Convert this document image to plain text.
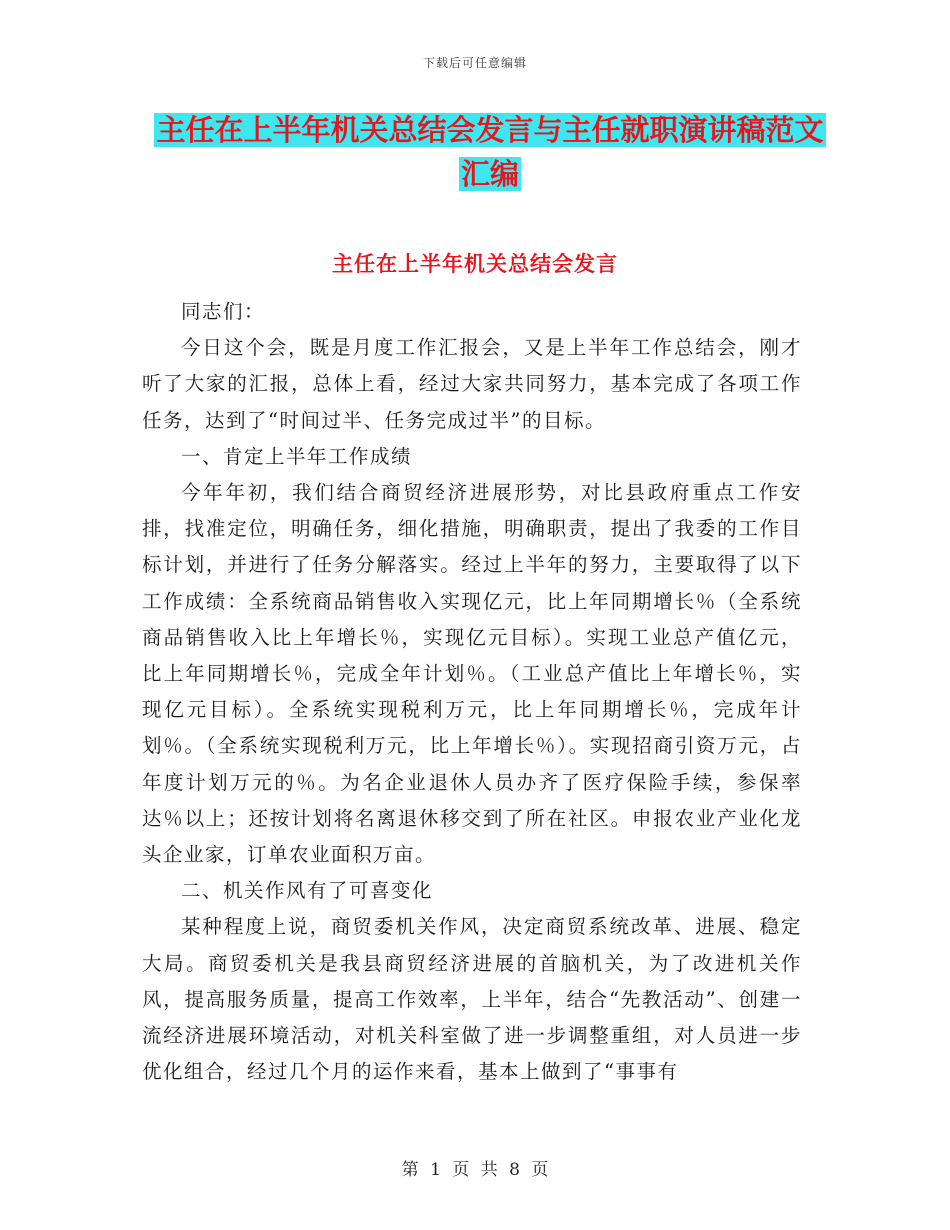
下载后可任意编辑
主任在上半年机关总结会发言与主任就职演讲稿范文
汇编
主任在上半年机关总结会发言

同志们：

今日这个会，既是月度工作汇报会，又是上半年工作总结会，刚才听了大家的汇报，总体上看，经过大家共同努力，基本完成了各项工作任务，达到了“时间过半、任务完成过半”的目标。

一、肯定上半年工作成绩

今年年初，我们结合商贸经济进展形势，对比县政府重点工作安排，找准定位，明确任务，细化措施，明确职责，提出了我委的工作目标计划，并进行了任务分解落实。经过上半年的努力，主要取得了以下工作成绩：全系统商品销售收入实现亿元，比上年同期增长％（全系统商品销售收入比上年增长％，实现亿元目标）。实现工业总产值亿元，比上年同期增长％，完成全年计划％。（工业总产值比上年增长％，实现亿元目标）。全系统实现税利万元，比上年同期增长％，完成年计划％。（全系统实现税利万元，比上年增长％）。实现招商引资万元，占年度计划万元的％。为名企业退休人员办齐了医疗保险手续，参保率达％以上；还按计划将名离退休移交到了所在社区。申报农业产业化龙头企业家，订单农业面积万亩。

二、机关作风有了可喜变化

某种程度上说，商贸委机关作风，决定商贸系统改革、进展、稳定大局。商贸委机关是我县商贸经济进展的首脑机关，为了改进机关作风，提高服务质量，提高工作效率，上半年，结合“先教活动”、创建一流经济进展环境活动，对机关科室做了进一步调整重组，对人员进一步优化组合，经过几个月的运作来看，基本上做到了“事事有

第 1 页 共 8 页
